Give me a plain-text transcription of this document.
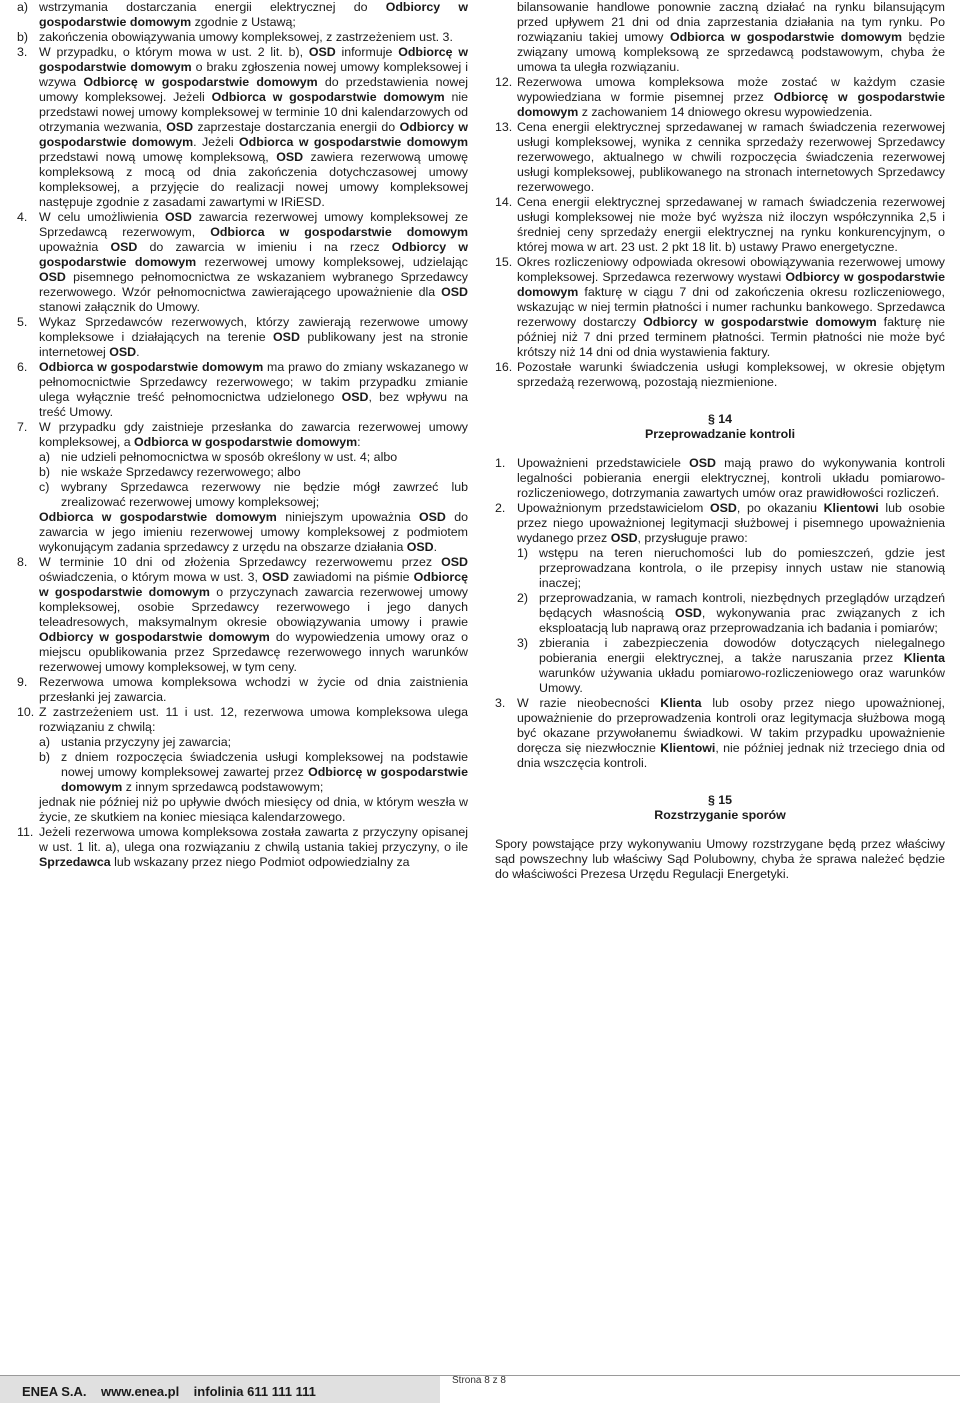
a) wstrzymania dostarczania energii elektrycznej do Odbiorcy w gospodarstwie domowym zgodnie z Ustawą;
b) zakończenia obowiązywania umowy kompleksowej, z zastrzeżeniem ust. 3.
3. W przypadku, o którym mowa w ust. 2 lit. b), OSD informuje Odbiorcę w gospodarstwie domowym o braku zgłoszenia nowej umowy kompleksowej i wzywa Odbiorcę w gospodarstwie domowym do przedstawienia nowej umowy kompleksowej. Jeżeli Odbiorca w gospodarstwie domowym nie przedstawi nowej umowy kompleksowej w terminie 10 dni kalendarzowych od otrzymania wezwania, OSD zaprzestaje dostarczania energii do Odbiorcy w gospodarstwie domowym. Jeżeli Odbiorca w gospodarstwie domowym przedstawi nową umowę kompleksową, OSD zawiera rezerwową umowę kompleksową z mocą od dnia zakończenia dotychczasowej umowy kompleksowej, a przyjęcie do realizacji nowej umowy kompleksowej następuje zgodnie z zasadami zawartymi w IRiESD.
4. W celu umożliwienia OSD zawarcia rezerwowej umowy kompleksowej ze Sprzedawcą rezerwowym, Odbiorca w gospodarstwie domowym upoważnia OSD do zawarcia w imieniu i na rzecz Odbiorcy w gospodarstwie domowym rezerwowej umowy kompleksowej, udzielając OSD pisemnego pełnomocnictwa ze wskazaniem wybranego Sprzedawcy rezerwowego. Wzór pełnomocnictwa zawierającego upoważnienie dla OSD stanowi załącznik do Umowy.
5. Wykaz Sprzedawców rezerwowych, którzy zawierają rezerwowe umowy kompleksowe i działających na terenie OSD publikowany jest na stronie internetowej OSD.
6. Odbiorca w gospodarstwie domowym ma prawo do zmiany wskazanego w pełnomocnictwie Sprzedawcy rezerwowego; w takim przypadku zmianie ulega wyłącznie treść pełnomocnictwa udzielonego OSD, bez wpływu na treść Umowy.
7. W przypadku gdy zaistnieje przesłanka do zawarcia rezerwowej umowy kompleksowej, a Odbiorca w gospodarstwie domowym:
a) nie udzieli pełnomocnictwa w sposób określony w ust. 4; albo
b) nie wskaże Sprzedawcy rezerwowego; albo
c) wybrany Sprzedawca rezerwowy nie będzie mógł zawrzeć lub zrealizować rezerwowej umowy kompleksowej;
Odbiorca w gospodarstwie domowym niniejszym upoważnia OSD do zawarcia w jego imieniu rezerwowej umowy kompleksowej z podmiotem wykonującym zadania sprzedawcy z urzędu na obszarze działania OSD.
8. W terminie 10 dni od złożenia Sprzedawcy rezerwowemu przez OSD oświadczenia, o którym mowa w ust. 3, OSD zawiadomi na piśmie Odbiorcę w gospodarstwie domowym o przyczynach zawarcia rezerwowej umowy kompleksowej, osobie Sprzedawcy rezerwowego i jego danych teleadresowych, maksymalnym okresie obowiązywania umowy i prawie Odbiorcy w gospodarstwie domowym do wypowiedzenia umowy oraz o miejscu opublikowania przez Sprzedawcę rezerwowego innych warunków rezerwowej umowy kompleksowej, w tym ceny.
9. Rezerwowa umowa kompleksowa wchodzi w życie od dnia zaistnienia przesłanki jej zawarcia.
10. Z zastrzeżeniem ust. 11 i ust. 12, rezerwowa umowa kompleksowa ulega rozwiązaniu z chwilą:
a) ustania przyczyny jej zawarcia;
b) z dniem rozpoczęcia świadczenia usługi kompleksowej na podstawie nowej umowy kompleksowej zawartej przez Odbiorcę w gospodarstwie domowym z innym sprzedawcą podstawowym;
jednak nie później niż po upływie dwóch miesięcy od dnia, w którym weszła w życie, ze skutkiem na koniec miesiąca kalendarzowego.
11. Jeżeli rezerwowa umowa kompleksowa została zawarta z przyczyny opisanej w ust. 1 lit. a), ulega ona rozwiązaniu z chwilą ustania takiej przyczyny, o ile Sprzedawca lub wskazany przez niego Podmiot odpowiedzialny za
bilansowanie handlowe ponownie zaczną działać na rynku bilansującym przed upływem 21 dni od dnia zaprzestania działania na tym rynku. Po rozwiązaniu takiej umowy Odbiorca w gospodarstwie domowym będzie związany umową kompleksową ze sprzedawcą podstawowym, chyba że umowa ta uległa rozwiązaniu.
12. Rezerwowa umowa kompleksowa może zostać w każdym czasie wypowiedziana w formie pisemnej przez Odbiorcę w gospodarstwie domowym z zachowaniem 14 dniowego okresu wypowiedzenia.
13. Cena energii elektrycznej sprzedawanej w ramach świadczenia rezerwowej usługi kompleksowej, wynika z cennika sprzedaży rezerwowej Sprzedawcy rezerwowego, aktualnego w chwili rozpoczęcia świadczenia rezerwowej usługi kompleksowej, publikowanego na stronach internetowych Sprzedawcy rezerwowego.
14. Cena energii elektrycznej sprzedawanej w ramach świadczenia rezerwowej usługi kompleksowej nie może być wyższa niż iloczyn współczynnika 2,5 i średniej ceny sprzedaży energii elektrycznej na rynku konkurencyjnym, o której mowa w art. 23 ust. 2 pkt 18 lit. b) ustawy Prawo energetyczne.
15. Okres rozliczeniowy odpowiada okresowi obowiązywania rezerwowej umowy kompleksowej. Sprzedawca rezerwowy wystawi Odbiorcy w gospodarstwie domowym fakturę w ciągu 7 dni od zakończenia okresu rozliczeniowego, wskazując w niej termin płatności i numer rachunku bankowego. Sprzedawca rezerwowy dostarczy Odbiorcy w gospodarstwie domowym fakturę nie później niż 7 dni przed terminem płatności. Termin płatności nie może być krótszy niż 14 dni od dnia wystawienia faktury.
16. Pozostałe warunki świadczenia usługi kompleksowej, w okresie objętym sprzedażą rezerwową, pozostają niezmienione.
§ 14
Przeprowadzanie kontroli
1. Upoważnieni przedstawiciele OSD mają prawo do wykonywania kontroli legalności pobierania energii elektrycznej, kontroli układu pomiarowo-rozliczeniowego, dotrzymania zawartych umów oraz prawidłowości rozliczeń.
2. Upoważnionym przedstawicielom OSD, po okazaniu Klientowi lub osobie przez niego upoważnionej legitymacji służbowej i pisemnego upoważnienia wydanego przez OSD, przysługuje prawo:
1) wstępu na teren nieruchomości lub do pomieszczeń, gdzie jest przeprowadzana kontrola, o ile przepisy innych ustaw nie stanowią inaczej;
2) przeprowadzania, w ramach kontroli, niezbędnych przeglądów urządzeń będących własnością OSD, wykonywania prac związanych z ich eksploatacją lub naprawą oraz przeprowadzania ich badania i pomiarów;
3) zbierania i zabezpieczenia dowodów dotyczących nielegalnego pobierania energii elektrycznej, a także naruszania przez Klienta warunków używania układu pomiarowo-rozliczeniowego oraz warunków Umowy.
3. W razie nieobecności Klienta lub osoby przez niego upoważnionej, upoważnienie do przeprowadzenia kontroli oraz legitymacja służbowa mogą być okazane przywołanemu świadkowi. W takim przypadku upoważnienie doręcza się niezwłocznie Klientowi, nie później jednak niż trzeciego dnia od dnia wszczęcia kontroli.
§ 15
Rozstrzyganie sporów
Spory powstające przy wykonywaniu Umowy rozstrzygane będą przez właściwy sąd powszechny lub właściwy Sąd Polubowny, chyba że sprawa należeć będzie do właściwości Prezesa Urzędu Regulacji Energetyki.
ENEA S.A.    www.enea.pl    infolinia 611 111 111
Strona 8 z 8
